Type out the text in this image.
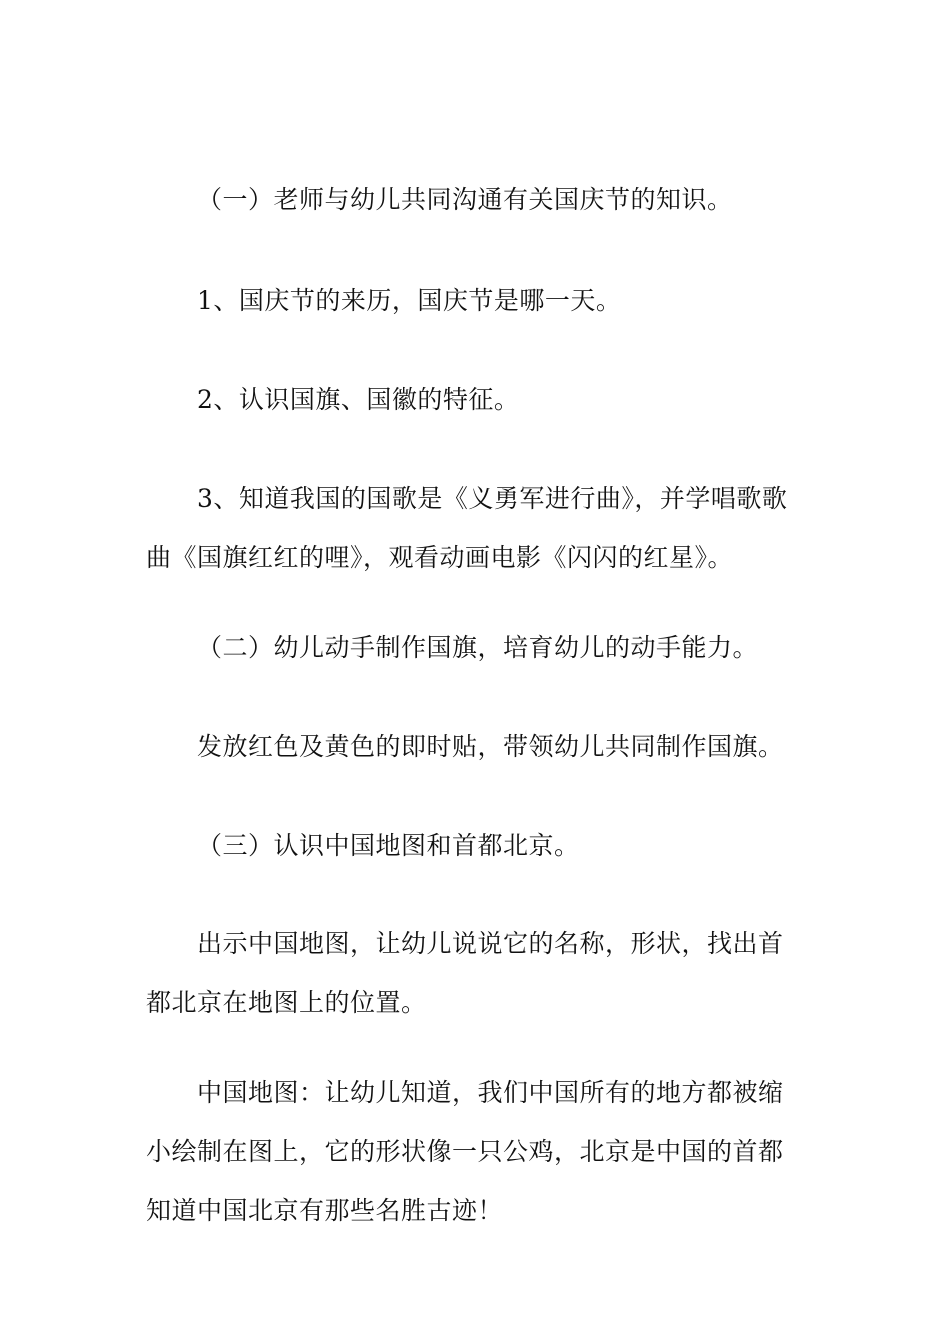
（一）老师与幼儿共同沟通有关国庆节的知识。

1、国庆节的来历，国庆节是哪一天。

2、认识国旗、国徽的特征。

3、知道我国的国歌是《义勇军进行曲》，并学唱歌歌曲《国旗红红的哩》，观看动画电影《闪闪的红星》。

（二）幼儿动手制作国旗，培育幼儿的动手能力。

发放红色及黄色的即时贴，带领幼儿共同制作国旗。

（三）认识中国地图和首都北京。

出示中国地图，让幼儿说说它的名称，形状，找出首都北京在地图上的位置。

中国地图：让幼儿知道，我们中国所有的地方都被缩小绘制在图上，它的形状像一只公鸡，北京是中国的首都知道中国北京有那些名胜古迹！
